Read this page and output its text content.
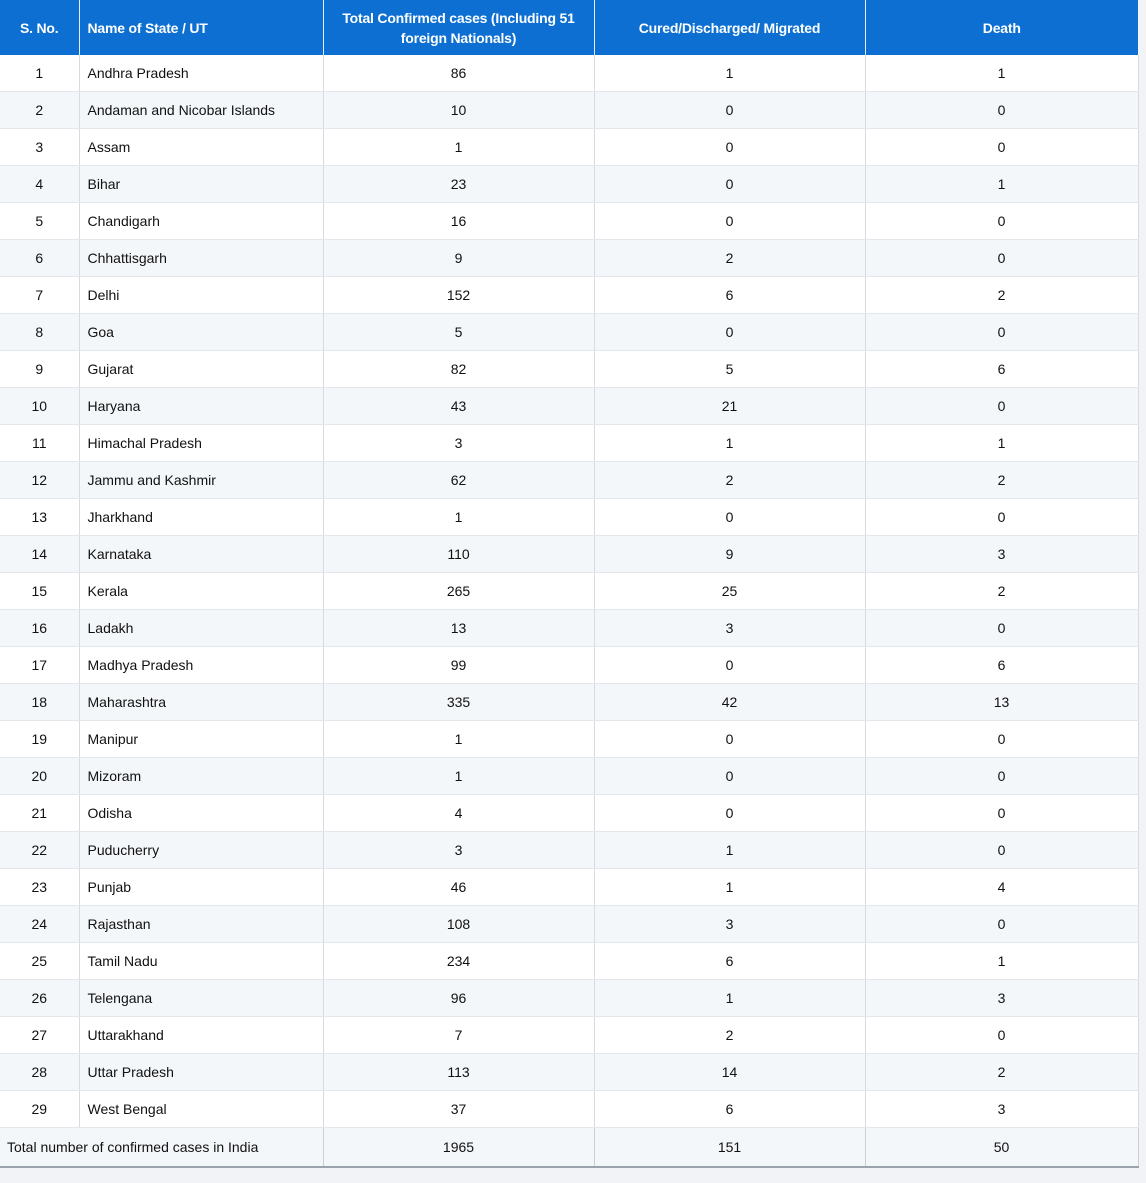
S. No.	Name of State / UT	Total Confirmed cases (Including 51 foreign Nationals)	Cured/Discharged/ Migrated	Death
1	Andhra Pradesh	86	1	1
2	Andaman and Nicobar Islands	10	0	0
3	Assam	1	0	0
4	Bihar	23	0	1
5	Chandigarh	16	0	0
6	Chhattisgarh	9	2	0
7	Delhi	152	6	2
8	Goa	5	0	0
9	Gujarat	82	5	6
10	Haryana	43	21	0
11	Himachal Pradesh	3	1	1
12	Jammu and Kashmir	62	2	2
13	Jharkhand	1	0	0
14	Karnataka	110	9	3
15	Kerala	265	25	2
16	Ladakh	13	3	0
17	Madhya Pradesh	99	0	6
18	Maharashtra	335	42	13
19	Manipur	1	0	0
20	Mizoram	1	0	0
21	Odisha	4	0	0
22	Puducherry	3	1	0
23	Punjab	46	1	4
24	Rajasthan	108	3	0
25	Tamil Nadu	234	6	1
26	Telengana	96	1	3
27	Uttarakhand	7	2	0
28	Uttar Pradesh	113	14	2
29	West Bengal	37	6	3
Total number of confirmed cases in India		1965	151	50
